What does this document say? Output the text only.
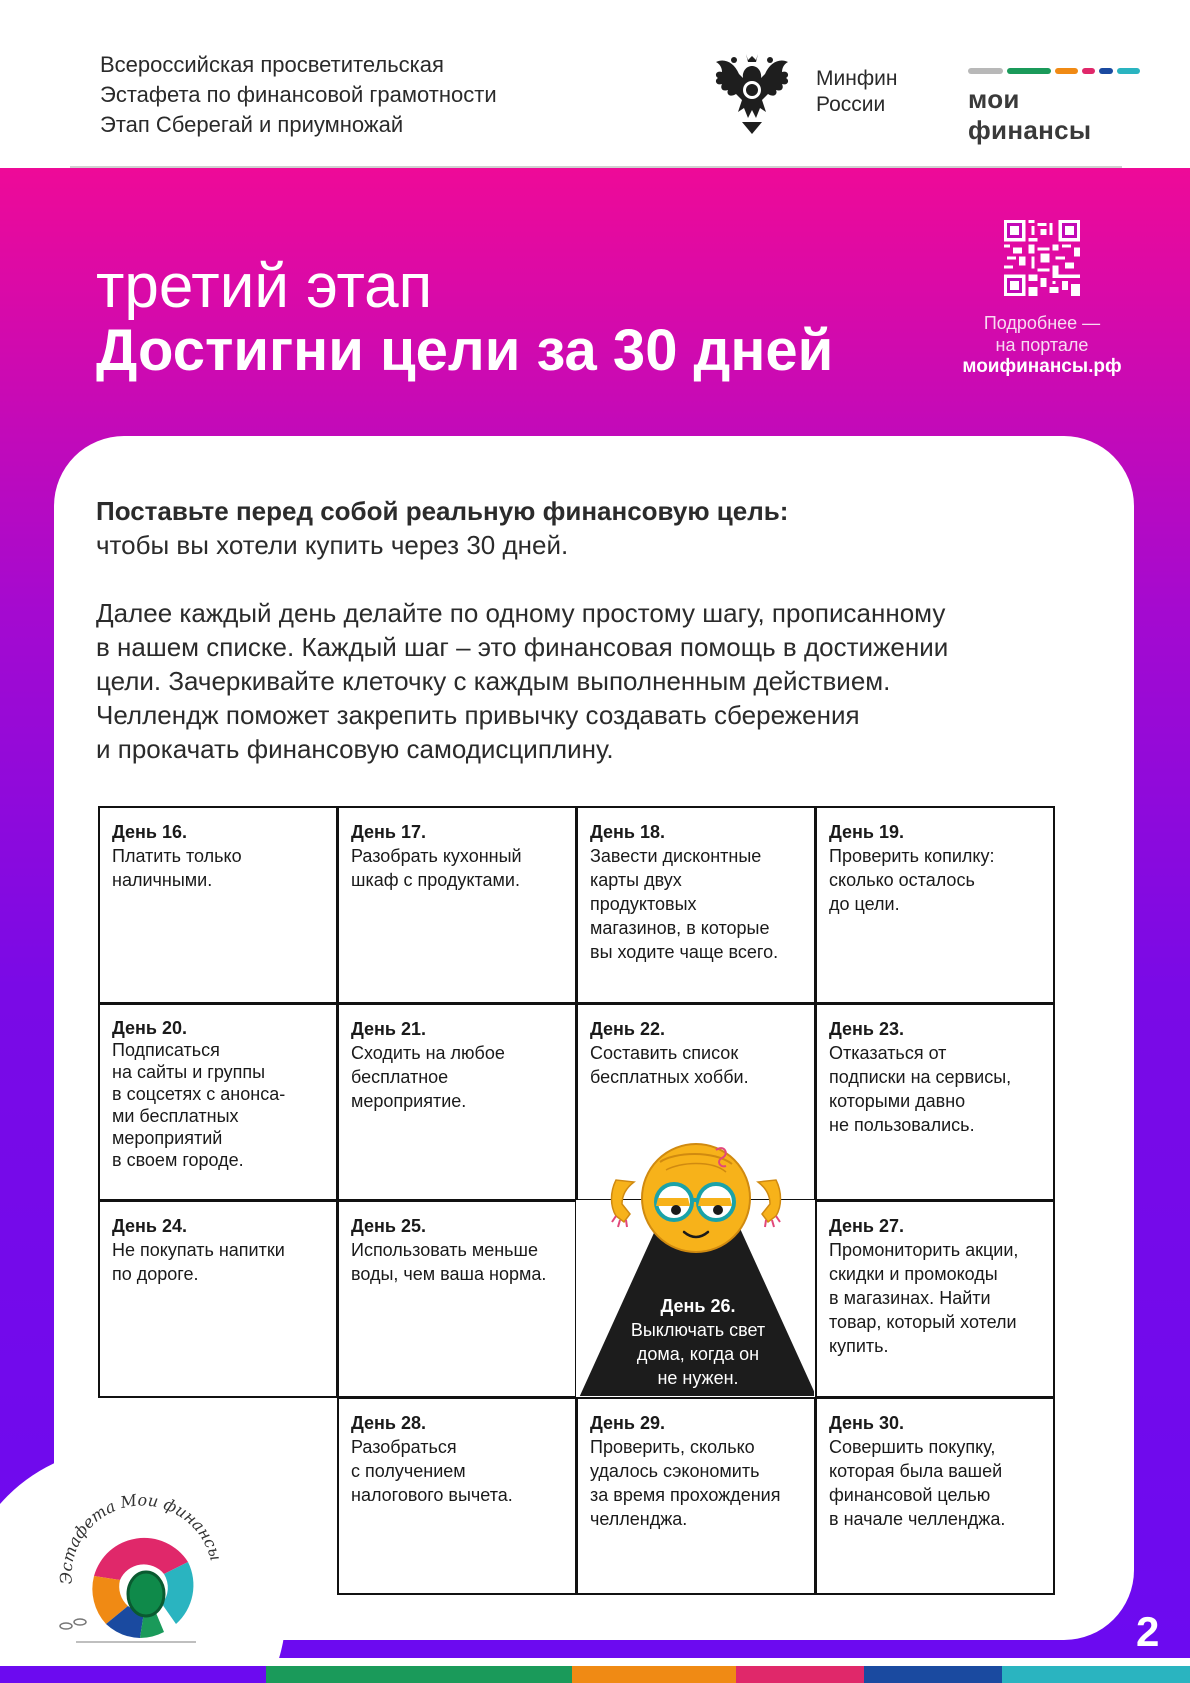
Всероссийская просветительская
Эстафета по финансовой грамотности
Этап Сберегай и приумножай
Минфин
России	мои финансы
третий этап
Достигни цели за 30 дней	Подробнее —
на портале
моифинансы.рф
Поставьте перед собой реальную финансовую цель:
чтобы вы хотели купить через 30 дней.
Далее каждый день делайте по одному простому шагу, прописанному
в нашем списке. Каждый шаг – это финансовая помощь в достижении
цели. Зачеркивайте клеточку с каждым выполненным действием.
Челлендж поможет закрепить привычку создавать сбережения
и прокачать финансовую самодисциплину.
День 16.
Платить только
наличными.
День 17.
Разобрать кухонный
шкаф с продуктами.
День 18.
Завести дисконтные
карты двух
продуктовых
магазинов, в которые
вы ходите чаще всего.
День 19.
Проверить копилку:
сколько осталось
до цели.
День 20.
Подписаться
на сайты и группы
в соцсетях с анонса-
ми бесплатных
мероприятий
в своем городе.
День 21.
Сходить на любое
бесплатное
мероприятие.
День 22.
Составить список
бесплатных хобби.
День 23.
Отказаться от
подписки на сервисы,
которыми давно
не пользовались.
День 24.
Не покупать напитки
по дороге.
День 25.
Использовать меньше
воды, чем ваша норма.
День 26.
Выключать свет
дома, когда он
не нужен.
День 27.
Промониторить акции,
скидки и промокоды
в магазинах. Найти
товар, который хотели
купить.
День 28.
Разобраться
с получением
налогового вычета.
День 29.
Проверить, сколько
удалось сэкономить
за время прохождения
челленджа.
День 30.
Совершить покупку,
которая была вашей
финансовой целью
в начале челленджа.
Эстафета Мои финансы
2
